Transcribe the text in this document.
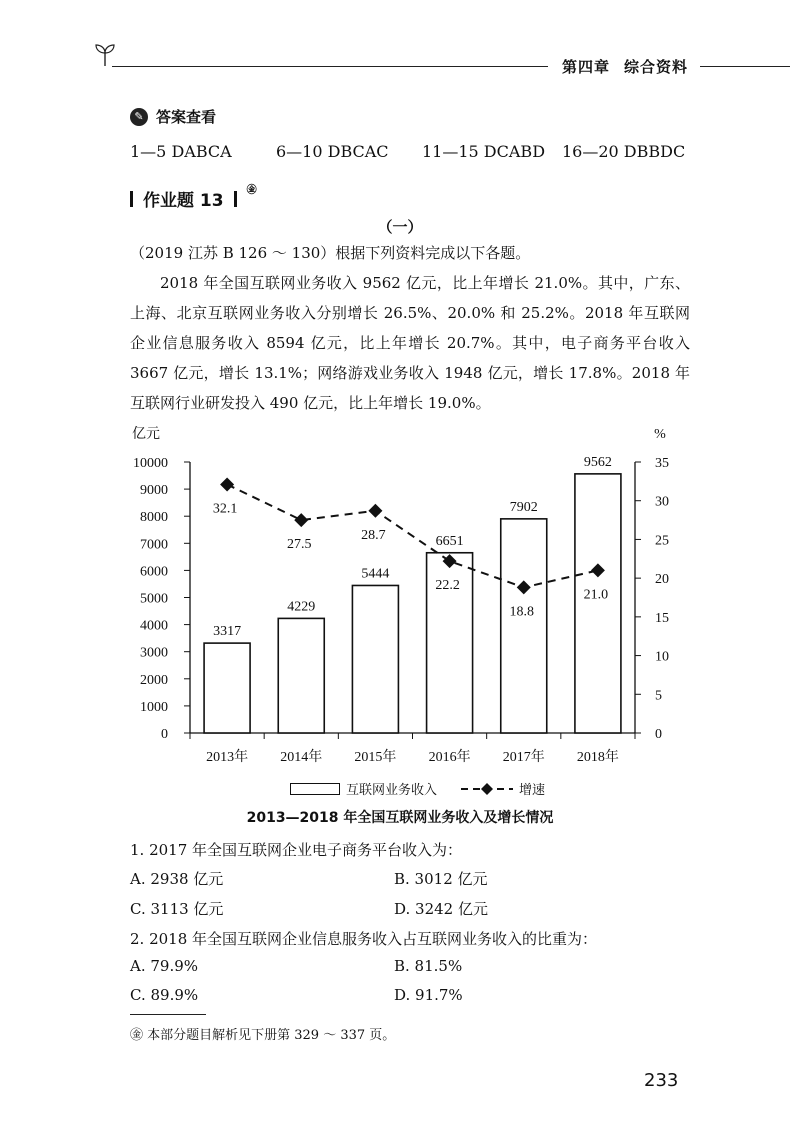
第四章 综合资料
✎ 答案查看
1—5 DABCA	6—10 DBCAC	11—15 DCABD	16—20 DBBDC
作业题 13
㊎
（一）
（2019 江苏 B 126 ～ 130）根据下列资料完成以下各题。
2018 年全国互联网业务收入 9562 亿元，比上年增长 21.0%。其中，广东、上海、北京互联网业务收入分别增长 26.5%、20.0% 和 25.2%。2018 年互联网企业信息服务收入 8594 亿元，比上年增长 20.7%。其中，电子商务平台收入 3667 亿元，增长 13.1%；网络游戏业务收入 1948 亿元，增长 17.8%。2018 年互联网行业研发投入 490 亿元，比上年增长 19.0%。
亿元	%
0
1000
2000
3000
4000
5000
6000
7000
8000
9000
10000
0
5
10
15
20
25
30
35
2013年 2014年 2015年 2016年 2017年 2018年
3317
4229
5444
6651
7902
9562
32.1
27.5
28.7
22.2
18.8
21.0
互联网业务收入	增速
2013—2018 年全国互联网业务收入及增长情况
1. 2017 年全国互联网企业电子商务平台收入为：
A. 2938 亿元	B. 3012 亿元
C. 3113 亿元	D. 3242 亿元
2. 2018 年全国互联网企业信息服务收入占互联网业务收入的比重为：
A. 79.9%	B. 81.5%
C. 89.9%	D. 91.7%
㊎ 本部分题目解析见下册第 329 ～ 337 页。
233
